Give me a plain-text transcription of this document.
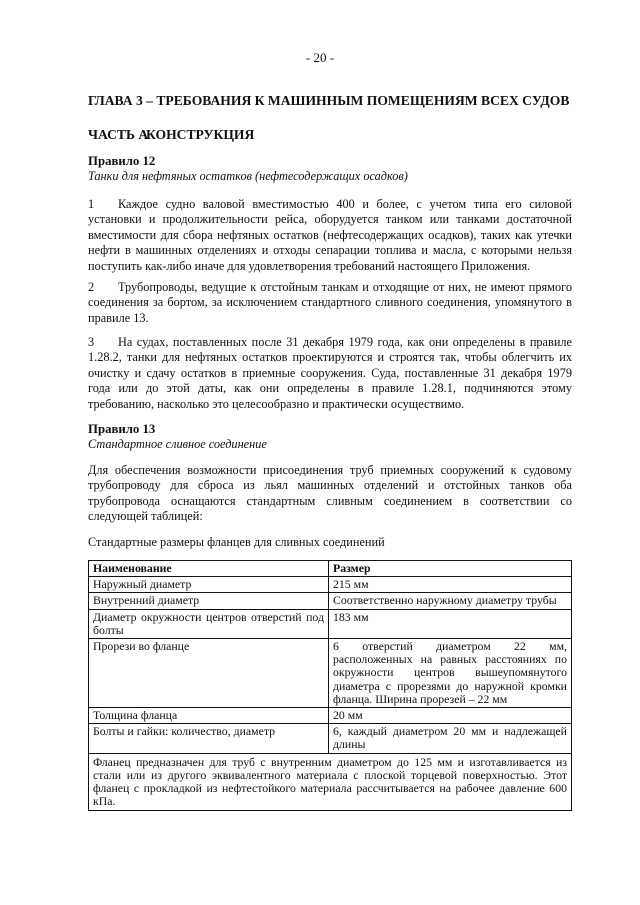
- 20 -
ГЛАВА 3 – ТРЕБОВАНИЯ К МАШИННЫМ ПОМЕЩЕНИЯМ ВСЕХ СУДОВ
ЧАСТЬ АКОНСТРУКЦИЯ
Правило 12
Танки для нефтяных остатков (нефтесодержащих осадков)
1 Каждое судно валовой вместимостью 400 и более, с учетом типа его силовой установки и продолжительности рейса, оборудуется танком или танками достаточной вместимости для сбора нефтяных остатков (нефтесодержащих осадков), таких как утечки нефти в машинных отделениях и отходы сепарации топлива и масла, с которыми нельзя поступить как-либо иначе для удовлетворения требований настоящего Приложения.
2 Трубопроводы, ведущие к отстойным танкам и отходящие от них, не имеют прямого соединения за бортом, за исключением стандартного сливного соединения, упомянутого в правиле 13.
3 На судах, поставленных после 31 декабря 1979 года, как они определены в правиле 1.28.2, танки для нефтяных остатков проектируются и строятся так, чтобы облегчить их очистку и сдачу остатков в приемные сооружения. Суда, поставленные 31 декабря 1979 года или до этой даты, как они определены в правиле 1.28.1, подчиняются этому требованию, насколько это целесообразно и практически осуществимо.
Правило 13
Стандартное сливное соединение
Для обеспечения возможности присоединения труб приемных сооружений к судовому трубопроводу для сброса из льял машинных отделений и отстойных танков оба трубопровода оснащаются стандартным сливным соединением в соответствии со следующей таблицей:
Стандартные размеры фланцев для сливных соединений
Наименование	Размер
Наружный диаметр	215 мм
Внутренний диаметр	Соответственно наружному диаметру трубы
Диаметр окружности центров отверстий под болты	183 мм
Прорези во фланце	6 отверстий диаметром 22 мм, расположенных на равных расстояниях по окружности центров вышеупомянутого диаметра с прорезями до наружной кромки фланца. Ширина прорезей – 22 мм
Толщина фланца	20 мм
Болты и гайки: количество, диаметр	6, каждый диаметром 20 мм и надлежащей длины
Фланец предназначен для труб с внутренним диаметром до 125 мм и изготавливается из стали или из другого эквивалентного материала с плоской торцевой поверхностью. Этот фланец с прокладкой из нефтестойкого материала рассчитывается на рабочее давление 600 кПа.	
